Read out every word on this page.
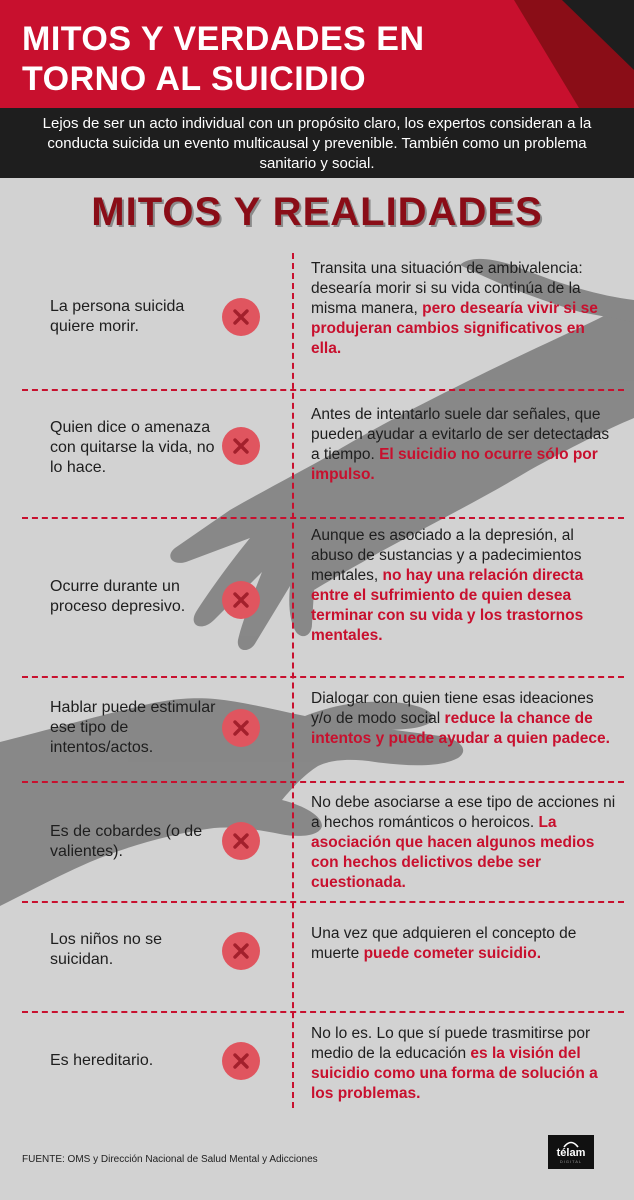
MITOS Y VERDADES EN
TORNO AL SUICIDIO

Lejos de ser un acto individual con un propósito claro, los expertos consideran a la conducta suicida un evento multicausal y prevenible. También como un problema sanitario y social.

MITOS Y REALIDADES
La persona suicida quiere morir.
Transita una situación de ambivalencia: desearía morir si su vida continúa de la misma manera, pero desearía vivir si se produjeran cambios significativos en ella.
Quien dice o amenaza con quitarse la vida, no lo hace.
Antes de intentarlo suele dar señales, que pueden ayudar a evitarlo de ser detectadas a tiempo. El suicidio no ocurre sólo por impulso.
Ocurre durante un proceso depresivo.
Aunque es asociado a la depresión, al abuso de sustancias y a padecimientos mentales, no hay una relación directa entre el sufrimiento de quien desea terminar con su vida y los trastornos mentales.
Hablar puede estimular ese tipo de intentos/actos.
Dialogar con quien tiene esas ideaciones y/o de modo social reduce la chance de intentos y puede ayudar a quien padece.
Es de cobardes (o de valientes).
No debe asociarse a ese tipo de acciones ni a hechos románticos o heroicos. La asociación que hacen algunos medios con hechos delictivos debe ser cuestionada.
Los niños no se suicidan.
Una vez que adquieren el concepto de muerte puede cometer suicidio.
Es hereditario.
No lo es. Lo que sí puede trasmitirse por medio de la educación es la visión del suicidio como una forma de solución a los problemas.

FUENTE: OMS y Dirección Nacional de Salud Mental y Adicciones

télam
DIGITAL
